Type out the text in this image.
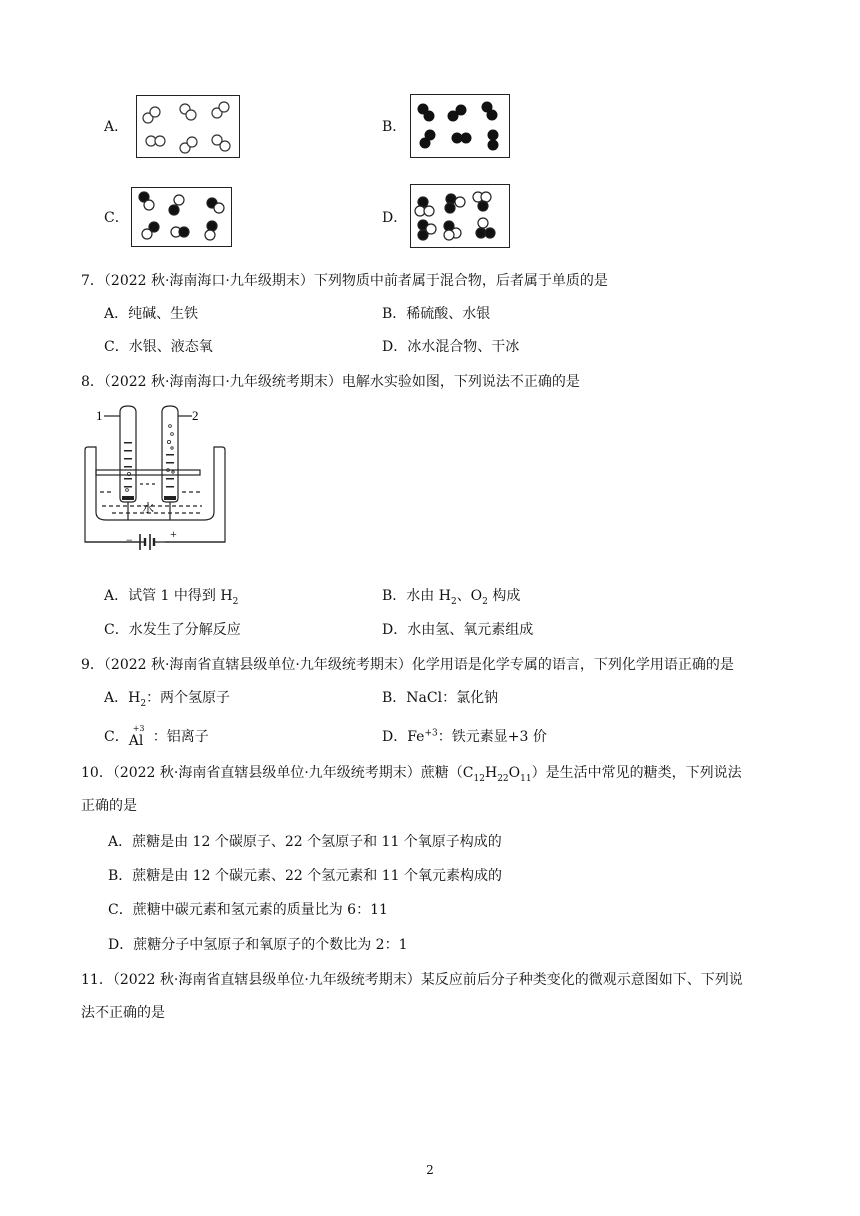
A．	B．
C．	D．
7．（2022 秋·海南海口·九年级期末）下列物质中前者属于混合物，后者属于单质的是
A．纯碱、生铁	B．稀硫酸、水银
C．水银、液态氧	D．冰水混合物、干冰
8．（2022 秋·海南海口·九年级统考期末）电解水实验如图，下列说法不正确的是
1	2
水
−	+
A．试管 1 中得到 $H_2$	B．水由 $H_2$、$O_2$ 构成
C．水发生了分解反应	D．水由氢、氧元素组成
9．（2022 秋·海南省直辖县级单位·九年级统考期末）化学用语是化学专属的语言，下列化学用语正确的是
A．$H_2$：两个氢原子	B．NaCl：氯化钠
C．
+3
Al ：铝离子	D．$Fe^{+3}$：铁元素显+3 价
10．（2022 秋·海南省直辖县级单位·九年级统考期末）蔗糖$(C_{12}H_{22}O_{11})$是生活中常见的糖类，下列说法
正确的是
A．蔗糖是由 12 个碳原子、22 个氢原子和 11 个氧原子构成的
B．蔗糖是由 12 个碳元素、22 个氢元素和 11 个氧元素构成的
C．蔗糖中碳元素和氢元素的质量比为 6：11
D．蔗糖分子中氢原子和氧原子的个数比为 2：1
11．（2022 秋·海南省直辖县级单位·九年级统考期末）某反应前后分子种类变化的微观示意图如下、下列说
法不正确的是
2
